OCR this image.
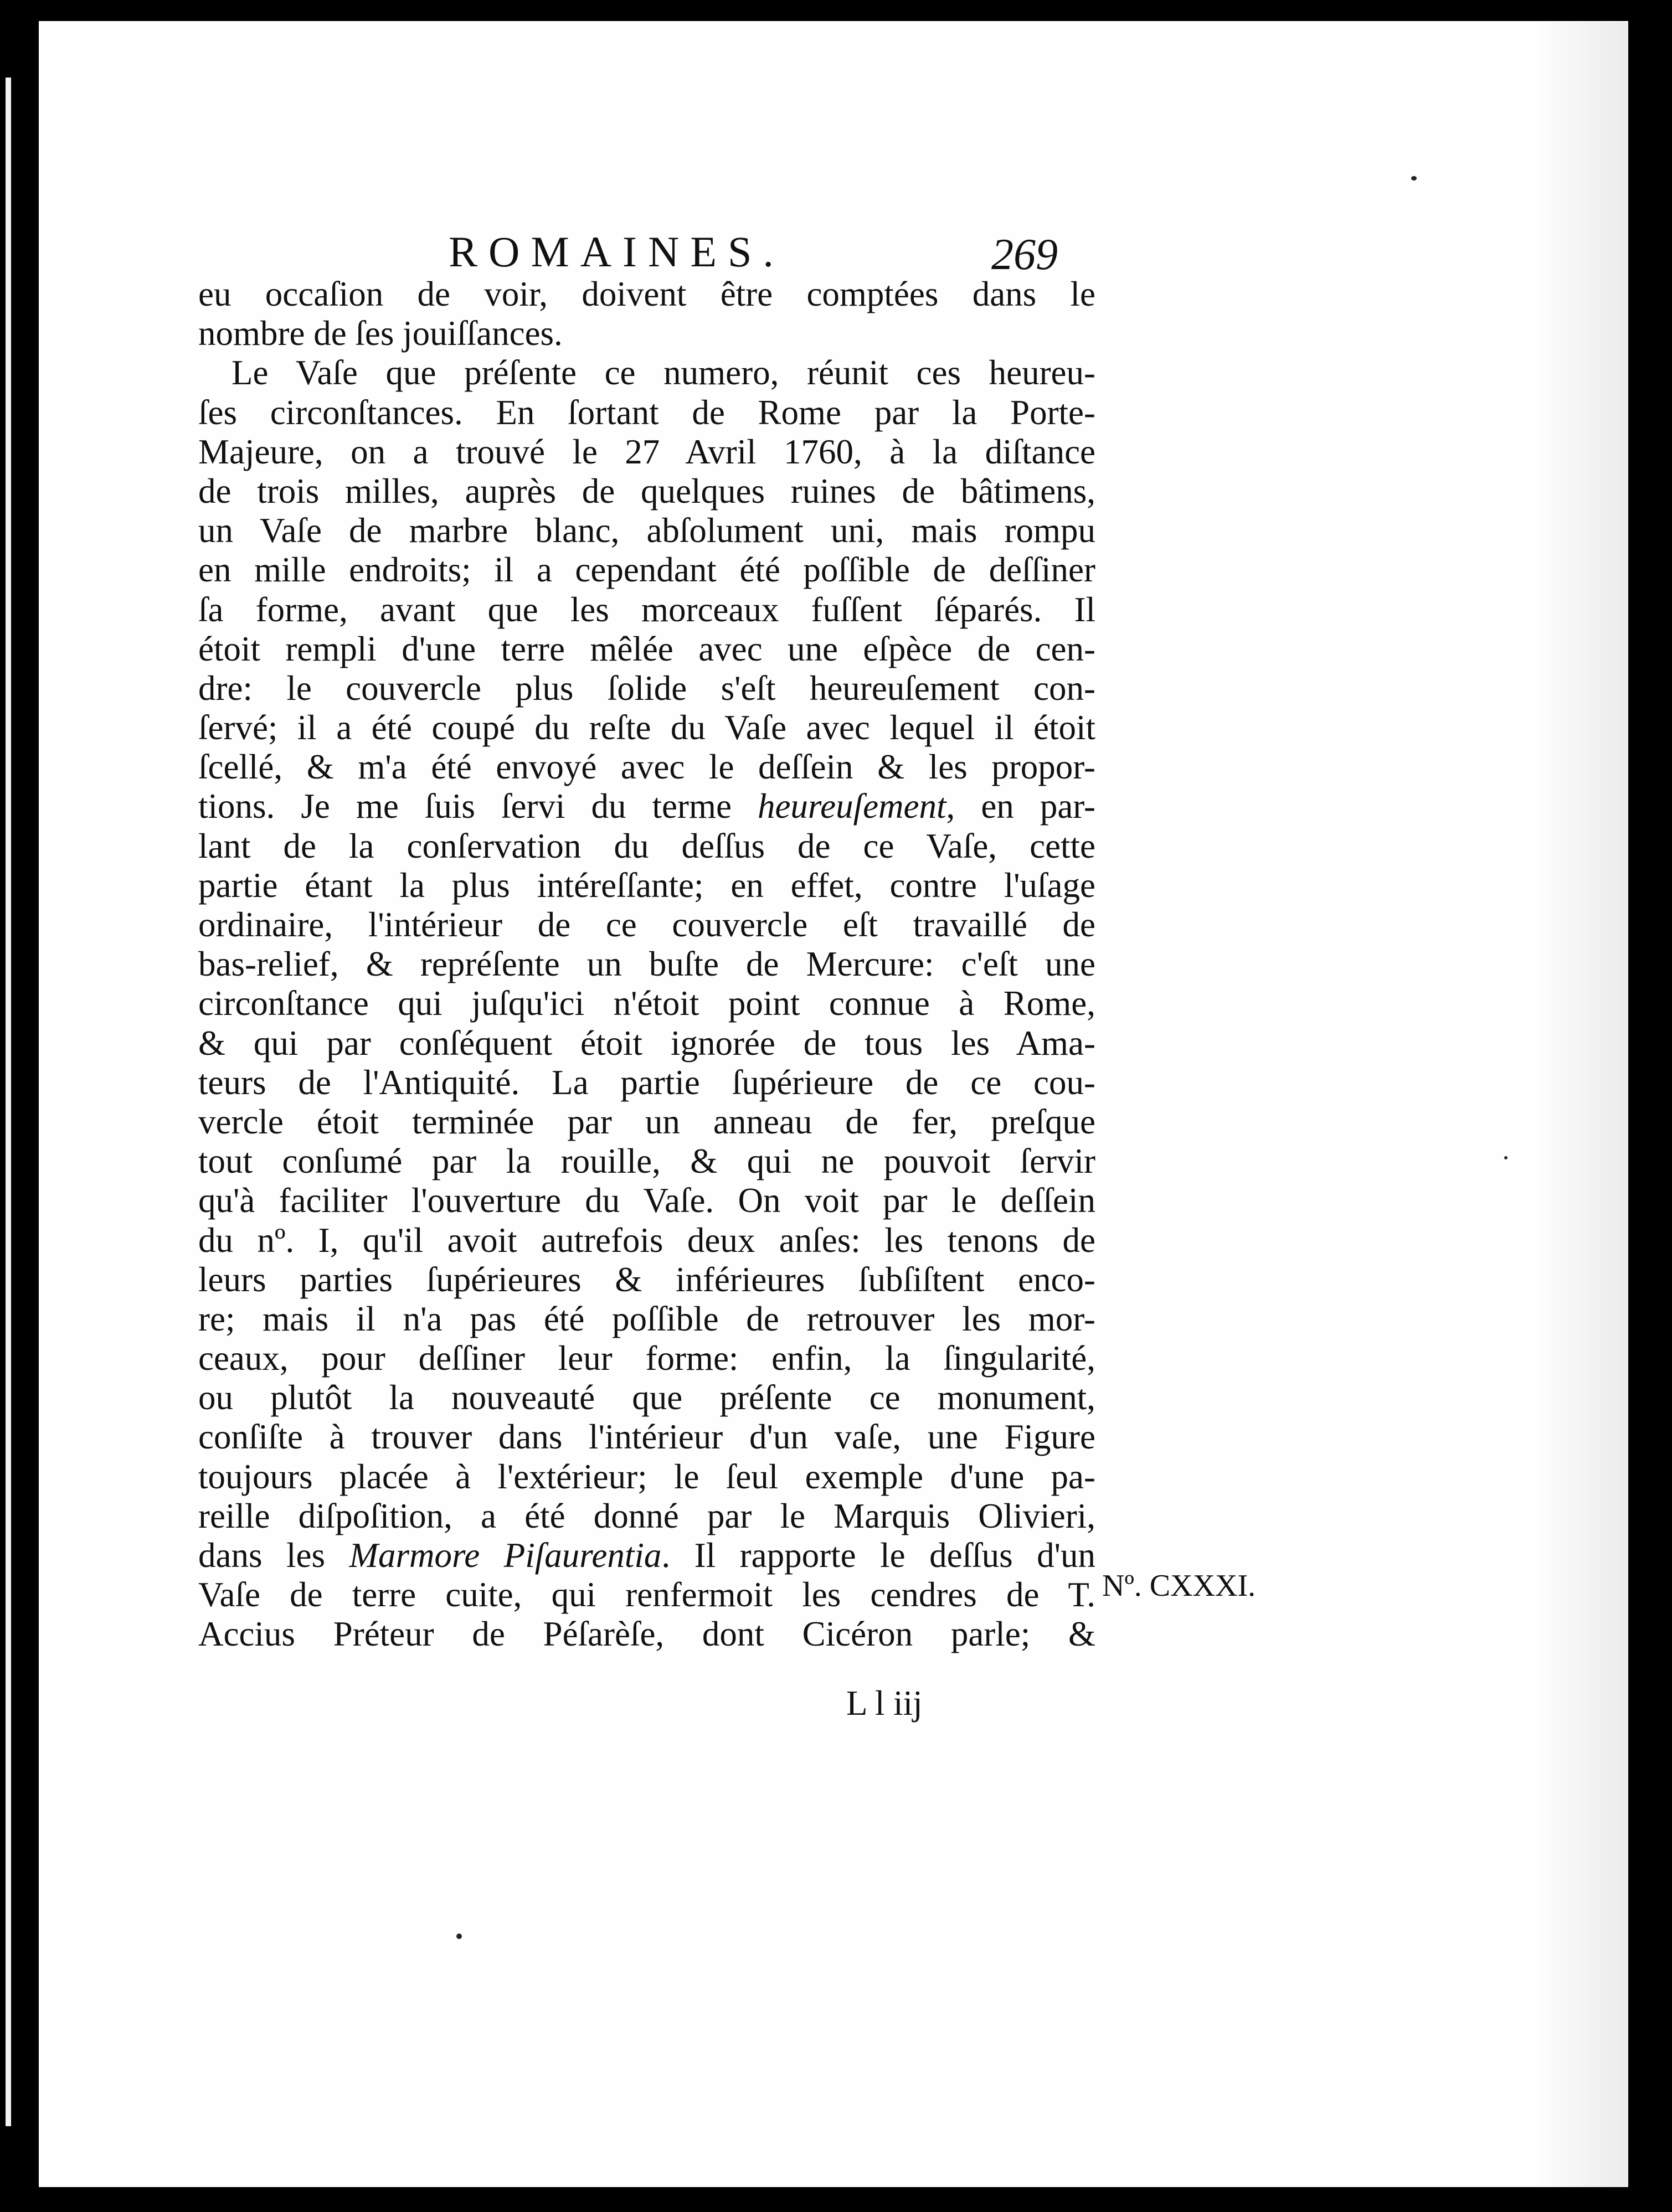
ROMAINES.	269
eu occaſion de voir, doivent être comptées dans le
nombre de ſes jouiſſances.
Le Vaſe que préſente ce numero, réunit ces heureu-
ſes circonſtances. En ſortant de Rome par la Porte-
Majeure, on a trouvé le 27 Avril 1760, à la diſtance
de trois milles, auprès de quelques ruines de bâtimens,
un Vaſe de marbre blanc, abſolument uni, mais rompu
en mille endroits; il a cependant été poſſible de deſſiner
ſa forme, avant que les morceaux fuſſent ſéparés. Il
étoit rempli d'une terre mêlée avec une eſpèce de cen-
dre: le couvercle plus ſolide s'eſt heureuſement con-
ſervé; il a été coupé du reſte du Vaſe avec lequel il étoit
ſcellé, & m'a été envoyé avec le deſſein & les propor-
tions. Je me ſuis ſervi du terme heureuſement, en par-
lant de la conſervation du deſſus de ce Vaſe, cette
partie étant la plus intéreſſante; en effet, contre l'uſage
ordinaire, l'intérieur de ce couvercle eſt travaillé de
bas-relief, & repréſente un buſte de Mercure: c'eſt une
circonſtance qui juſqu'ici n'étoit point connue à Rome,
& qui par conſéquent étoit ignorée de tous les Ama-
teurs de l'Antiquité. La partie ſupérieure de ce cou-
vercle étoit terminée par un anneau de fer, preſque
tout conſumé par la rouille, & qui ne pouvoit ſervir
qu'à faciliter l'ouverture du Vaſe. On voit par le deſſein
du nº. I, qu'il avoit autrefois deux anſes: les tenons de
leurs parties ſupérieures & inférieures ſubſiſtent enco-
re; mais il n'a pas été poſſible de retrouver les mor-
ceaux, pour deſſiner leur forme: enfin, la ſingularité,
ou plutôt la nouveauté que préſente ce monument,
conſiſte à trouver dans l'intérieur d'un vaſe, une Figure
toujours placée à l'extérieur; le ſeul exemple d'une pa-
reille diſpoſition, a été donné par le Marquis Olivieri,
dans les Marmore Piſaurentia. Il rapporte le deſſus d'un
Vaſe de terre cuite, qui renfermoit les cendres de T.
Accius Préteur de Péſarèſe, dont Cicéron parle; &
Nº. CXXXI.
L l iij
